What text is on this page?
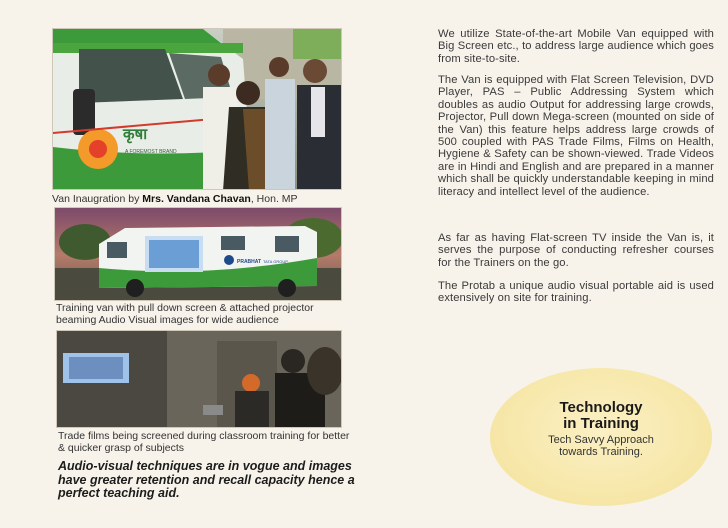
कृषा
A FOREMOST BRAND
Van Inaugration by Mrs. Vandana Chavan, Hon. MP
PRABHAT TATA GROUP
Training van with pull down screen & attached projector beaming Audio Visual images for wide audience
Trade films being screened during classroom training for better & quicker grasp of subjects
Audio-visual techniques are in vogue and images have greater retention and recall capacity hence a perfect teaching aid.
We utilize State-of-the-art Mobile Van equipped with Big Screen etc., to address large audience which goes from site-to-site.
The Van is equipped with Flat Screen Television, DVD Player, PAS – Public Addressing System which doubles as audio Output for addressing large crowds, Projector, Pull down Mega-screen (mounted on side of the Van) this feature helps address large crowds of 500 coupled with PAS Trade Films, Films on Health, Hygiene & Safety can be shown-viewed. Trade Videos are in Hindi and English and are prepared in a manner which shall be quickly understandable keeping in mind literacy and intellect level of the audience.
As far as having Flat-screen TV inside the Van is, it serves the purpose of conducting refresher courses for the Trainers on the go.
The Protab a unique audio visual portable aid is used extensively on site for training.
Technology
in Training
Tech Savvy Approach
towards Training.
